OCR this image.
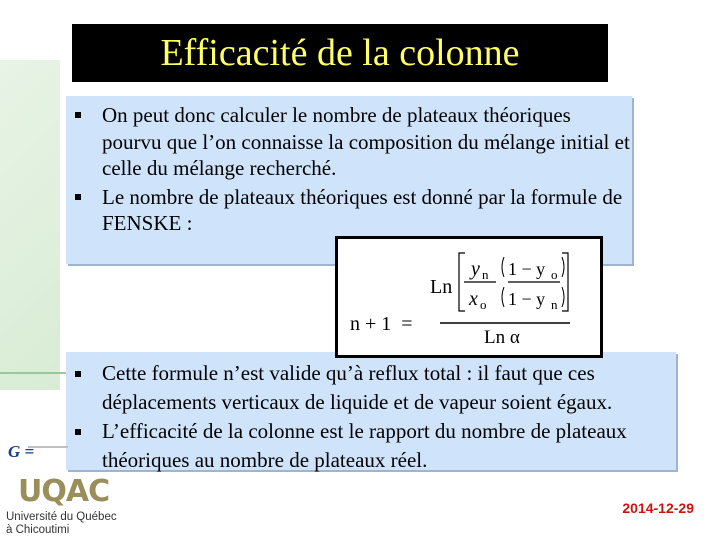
Efficacité de la colonne
On peut donc calculer le nombre de plateaux théoriques pourvu que l’on connaisse la composition du mélange initial et celle du mélange recherché.
Le nombre de plateaux théoriques est donné par la formule de FENSKE :
Cette formule n’est valide qu’à reflux total : il faut que ces déplacements verticaux de liquide et de vapeur soient égaux.
L’efficacité de la colonne est le rapport du nombre de plateaux théoriques au nombre de plateaux réel.
Ln
y n
x o
1 − y o
1 − y n
n + 1  =
Ln α
G =
UQAC
Université du Québec
à Chicoutimi
2014-12-29
